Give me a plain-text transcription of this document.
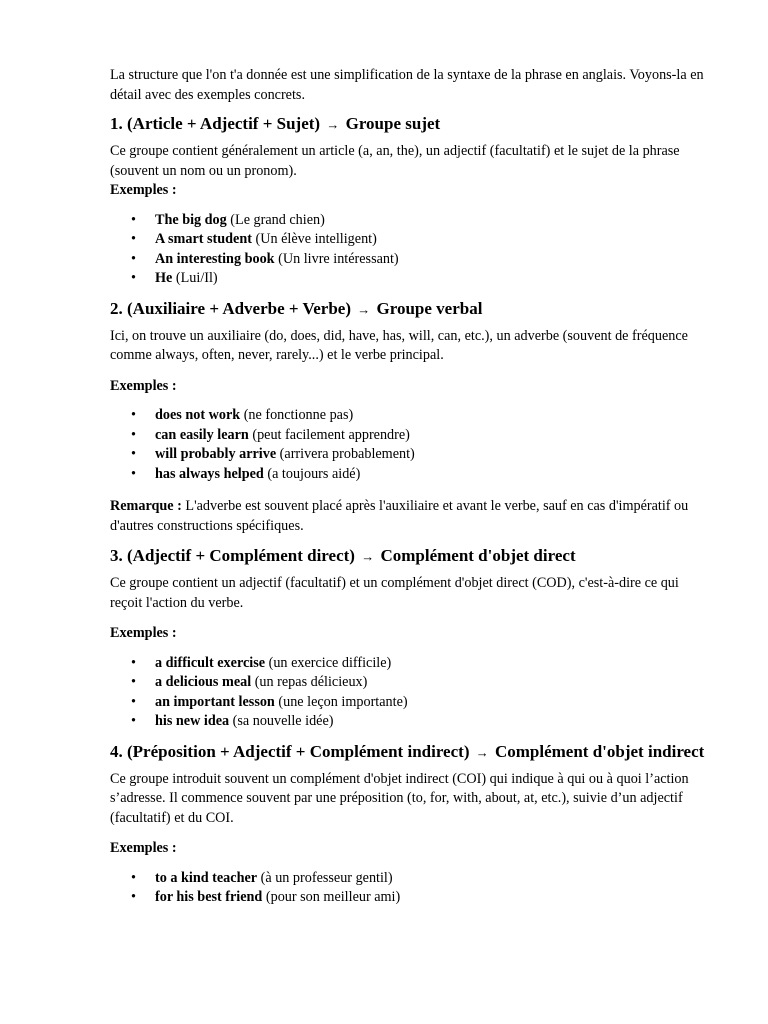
La structure que l'on t'a donnée est une simplification de la syntaxe de la phrase en anglais. Voyons-la en détail avec des exemples concrets.

1. (Article + Adjectif + Sujet) → Groupe sujet

Ce groupe contient généralement un article (a, an, the), un adjectif (facultatif) et le sujet de la phrase (souvent un nom ou un pronom).

Exemples :

• The big dog (Le grand chien)
• A smart student (Un élève intelligent)
• An interesting book (Un livre intéressant)
• He (Lui/Il)
2. (Auxiliaire + Adverbe + Verbe) → Groupe verbal

Ici, on trouve un auxiliaire (do, does, did, have, has, will, can, etc.), un adverbe (souvent de fréquence comme always, often, never, rarely...) et le verbe principal.

Exemples :

• does not work (ne fonctionne pas)
• can easily learn (peut facilement apprendre)
• will probably arrive (arrivera probablement)
• has always helped (a toujours aidé)

Remarque : L'adverbe est souvent placé après l'auxiliaire et avant le verbe, sauf en cas d'impératif ou d'autres constructions spécifiques.

3. (Adjectif + Complément direct) → Complément d'objet direct

Ce groupe contient un adjectif (facultatif) et un complément d'objet direct (COD), c'est-à-dire ce qui reçoit l'action du verbe.

Exemples :

• a difficult exercise (un exercice difficile)
• a delicious meal (un repas délicieux)
• an important lesson (une leçon importante)
• his new idea (sa nouvelle idée)
4. (Préposition + Adjectif + Complément indirect) → Complément d'objet indirect

Ce groupe introduit souvent un complément d'objet indirect (COI) qui indique à qui ou à quoi l’action s’adresse. Il commence souvent par une préposition (to, for, with, about, at, etc.), suivie d’un adjectif (facultatif) et du COI.

Exemples :

• to a kind teacher (à un professeur gentil)
• for his best friend (pour son meilleur ami)
